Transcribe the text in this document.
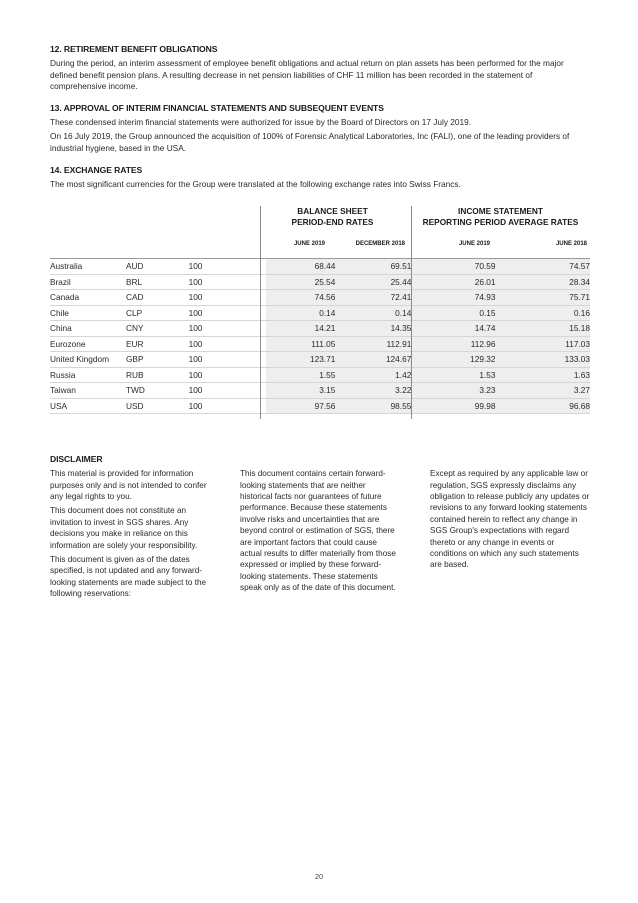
12. RETIREMENT BENEFIT OBLIGATIONS
During the period, an interim assessment of employee benefit obligations and actual return on plan assets has been performed for the major defined benefit pension plans. A resulting decrease in net pension liabilities of CHF 11 million has been recorded in the statement of comprehensive income.
13. APPROVAL OF INTERIM FINANCIAL STATEMENTS AND SUBSEQUENT EVENTS
These condensed interim financial statements were authorized for issue by the Board of Directors on 17 July 2019.
On 16 July 2019, the Group announced the acquisition of 100% of Forensic Analytical Laboratories, Inc (FALI), one of the leading providers of industrial hygiene, based in the USA.
14. EXCHANGE RATES
The most significant currencies for the Group were translated at the following exchange rates into Swiss Francs.
BALANCE SHEET
PERIOD-END RATES
INCOME STATEMENT
REPORTING PERIOD AVERAGE RATES
JUNE 2019	DECEMBER 2018	JUNE 2019	JUNE 2018
Australia	AUD	100	68.44	69.51	70.59	74.57
Brazil	BRL	100	25.54	25.44	26.01	28.34
Canada	CAD	100	74.56	72.41	74.93	75.71
Chile	CLP	100	0.14	0.14	0.15	0.16
China	CNY	100	14.21	14.35	14.74	15.18
Eurozone	EUR	100	111.05	112.91	112.96	117.03
United Kingdom	GBP	100	123.71	124.67	129.32	133.03
Russia	RUB	100	1.55	1.42	1.53	1.63
Taiwan	TWD	100	3.15	3.22	3.23	3.27
USA	USD	100	97.56	98.55	99.98	96.68
DISCLAIMER
This material is provided for information purposes only and is not intended to confer any legal rights to you.
This document does not constitute an invitation to invest in SGS shares. Any decisions you make in reliance on this information are solely your responsibility.
This document is given as of the dates specified, is not updated and any forward-looking statements are made subject to the following reservations:
This document contains certain forward-looking statements that are neither historical facts nor guarantees of future performance. Because these statements involve risks and uncertainties that are beyond control or estimation of SGS, there are important factors that could cause actual results to differ materially from those expressed or implied by these forward-looking statements. These statements speak only as of the date of this document.
Except as required by any applicable law or regulation, SGS expressly disclaims any obligation to release publicly any updates or revisions to any forward looking statements contained herein to reflect any change in SGS Group's expectations with regard thereto or any change in events or conditions on which any such statements are based.
20
